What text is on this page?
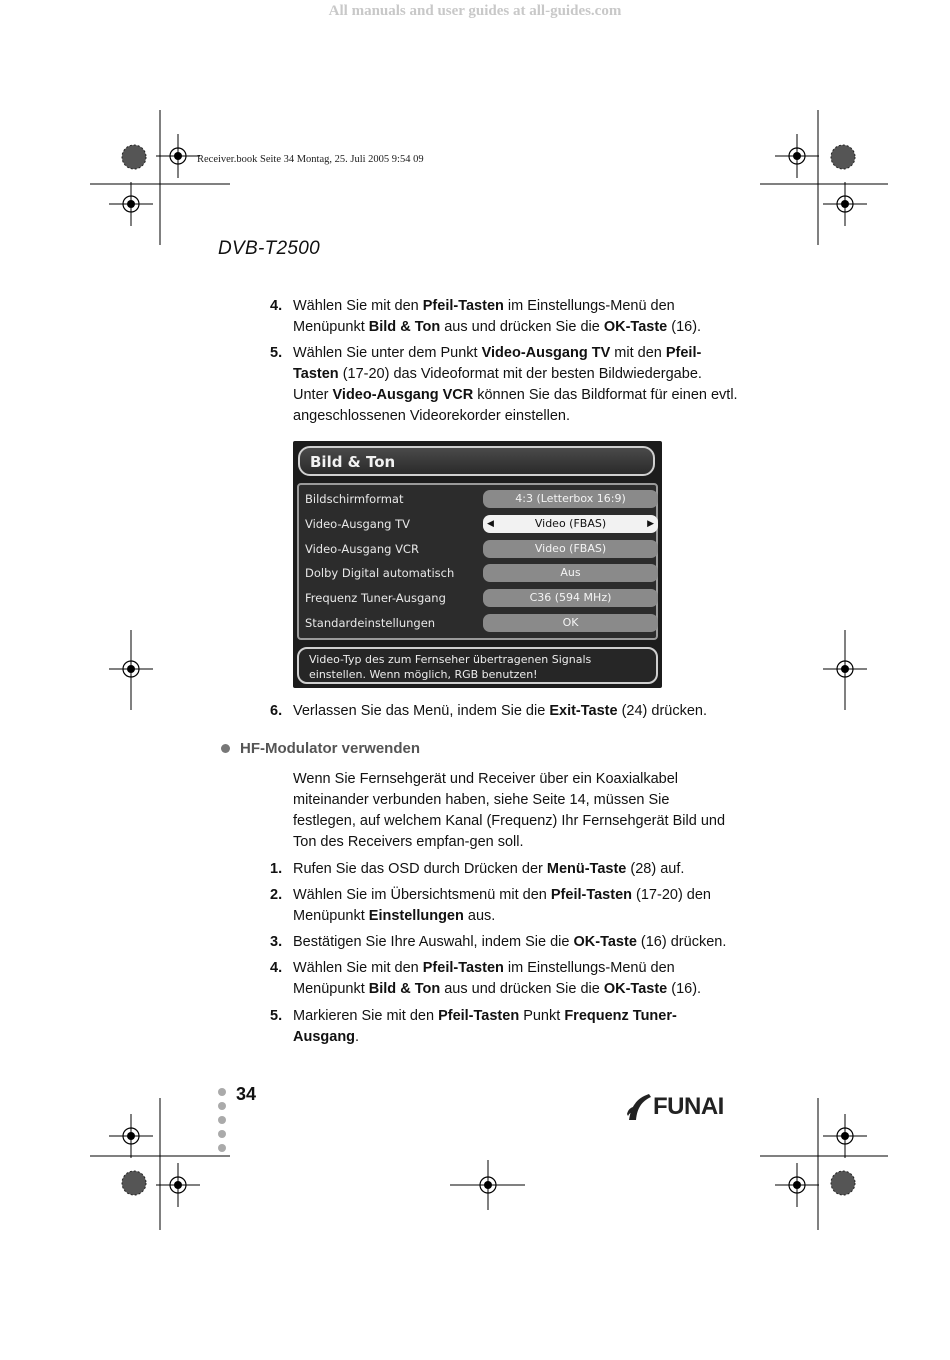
All manuals and user guides at all-guides.com
Receiver.book Seite 34 Montag, 25. Juli 2005 9:54 09
DVB-T2500
4. Wählen Sie mit den Pfeil-Tasten im Einstellungs-Menü den Menüpunkt Bild & Ton aus und drücken Sie die OK-Taste (16).
5. Wählen Sie unter dem Punkt Video-Ausgang TV mit den Pfeil-Tasten (17-20) das Videoformat mit der besten Bildwiedergabe.
Unter Video-Ausgang VCR können Sie das Bildformat für einen evtl. angeschlossenen Videorekorder einstellen.
Bild & Ton
Bildschirmformat	4:3 (Letterbox 16:9)
Video-Ausgang TV	Video (FBAS)
◀	▶
Video-Ausgang VCR	Video (FBAS)
Dolby Digital automatisch	Aus
Frequenz Tuner-Ausgang	C36 (594 MHz)
Standardeinstellungen	OK
Video-Typ des zum Fernseher übertragenen Signals einstellen. Wenn möglich, RGB benutzen!
6. Verlassen Sie das Menü, indem Sie die Exit-Taste (24) drücken.
HF-Modulator verwenden
Wenn Sie Fernsehgerät und Receiver über ein Koaxialkabel miteinander verbunden haben, siehe Seite 14, müssen Sie festlegen, auf welchem Kanal (Frequenz) Ihr Fernsehgerät Bild und Ton des Receivers empfan-gen soll.
1. Rufen Sie das OSD durch Drücken der Menü-Taste (28) auf.
2. Wählen Sie im Übersichtsmenü mit den Pfeil-Tasten (17-20) den Menüpunkt Einstellungen aus.
3. Bestätigen Sie Ihre Auswahl, indem Sie die OK-Taste (16) drücken.
4. Wählen Sie mit den Pfeil-Tasten im Einstellungs-Menü den Menüpunkt Bild & Ton aus und drücken Sie die OK-Taste (16).
5. Markieren Sie mit den Pfeil-Tasten Punkt Frequenz Tuner-Ausgang.
34	FUNAI
